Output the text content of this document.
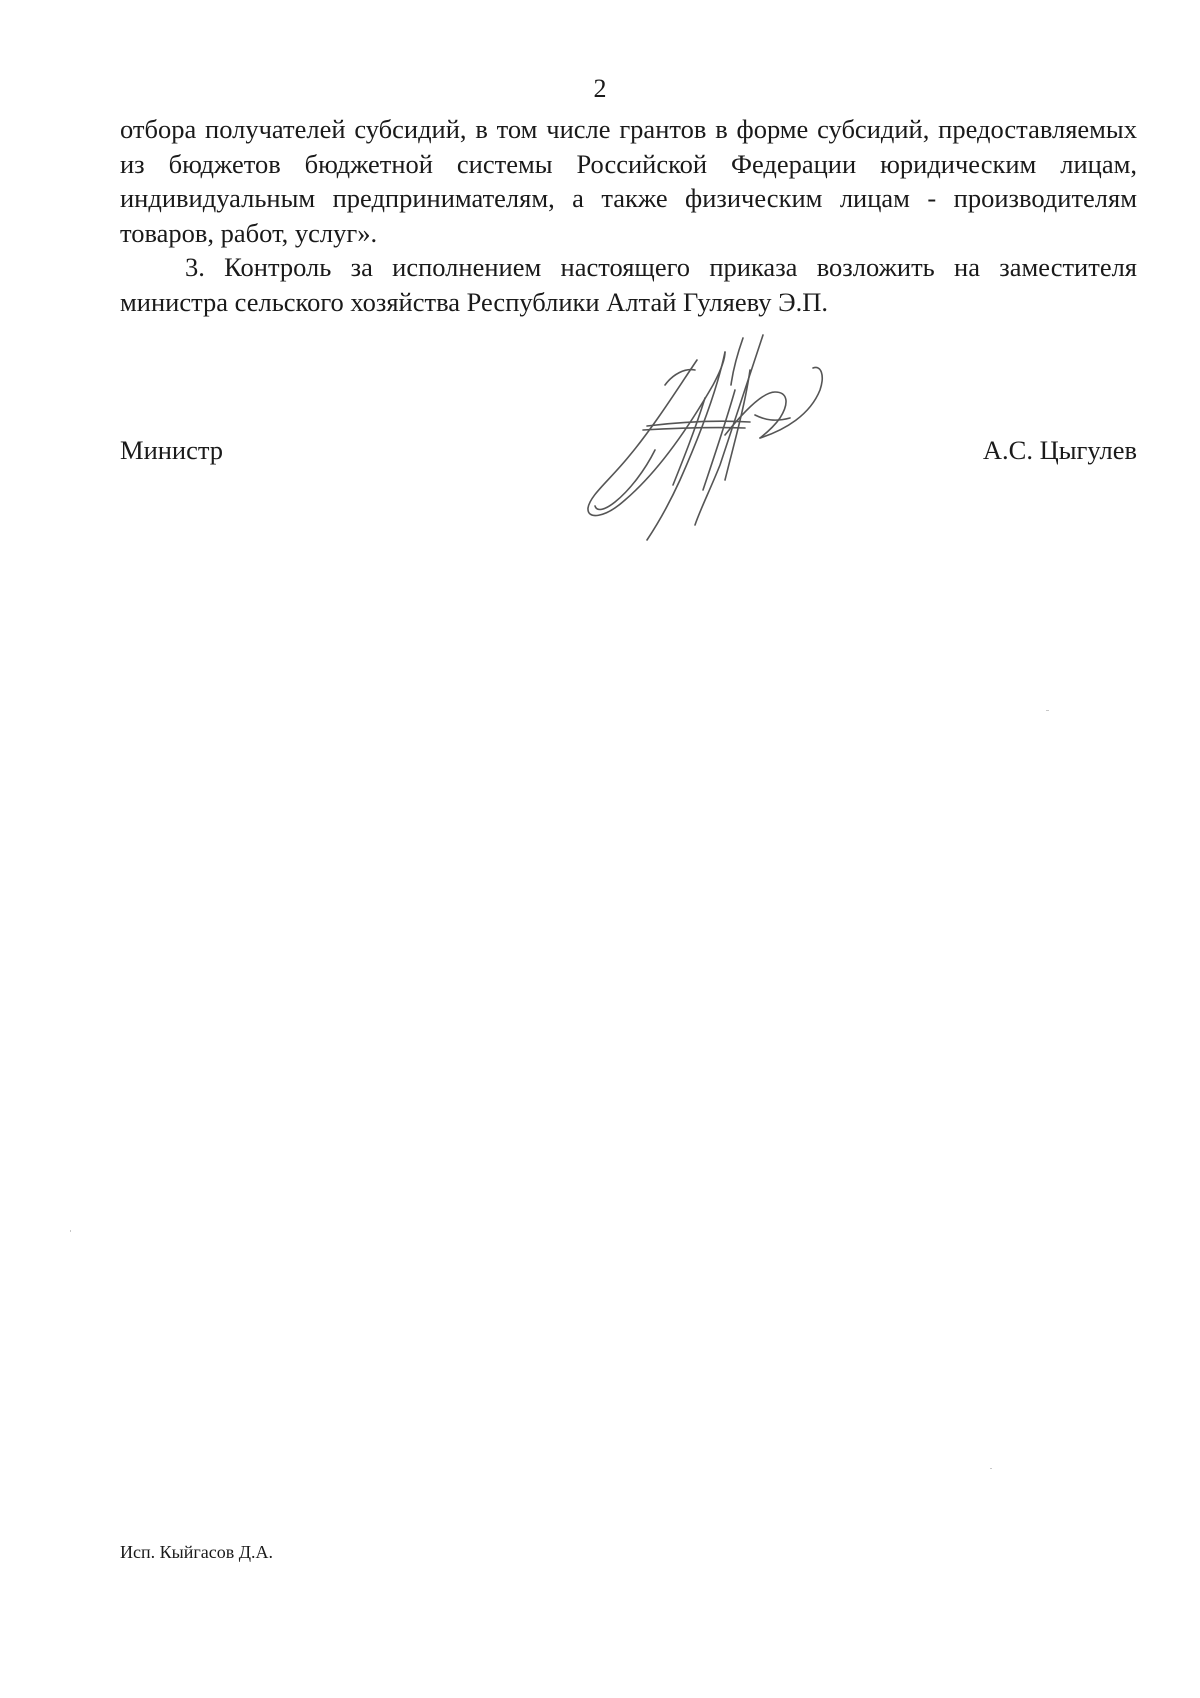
2

отбора получателей субсидий, в том числе грантов в форме субсидий, предоставляемых из бюджетов бюджетной системы Российской Федерации юридическим лицам, индивидуальным предпринимателям, а также физическим лицам - производителям товаров, работ, услуг».

3. Контроль за исполнением настоящего приказа возложить на заместителя министра сельского хозяйства Республики Алтай Гуляеву Э.П.

Министр	А.С. Цыгулев
Исп. Кыйгасов Д.А.
